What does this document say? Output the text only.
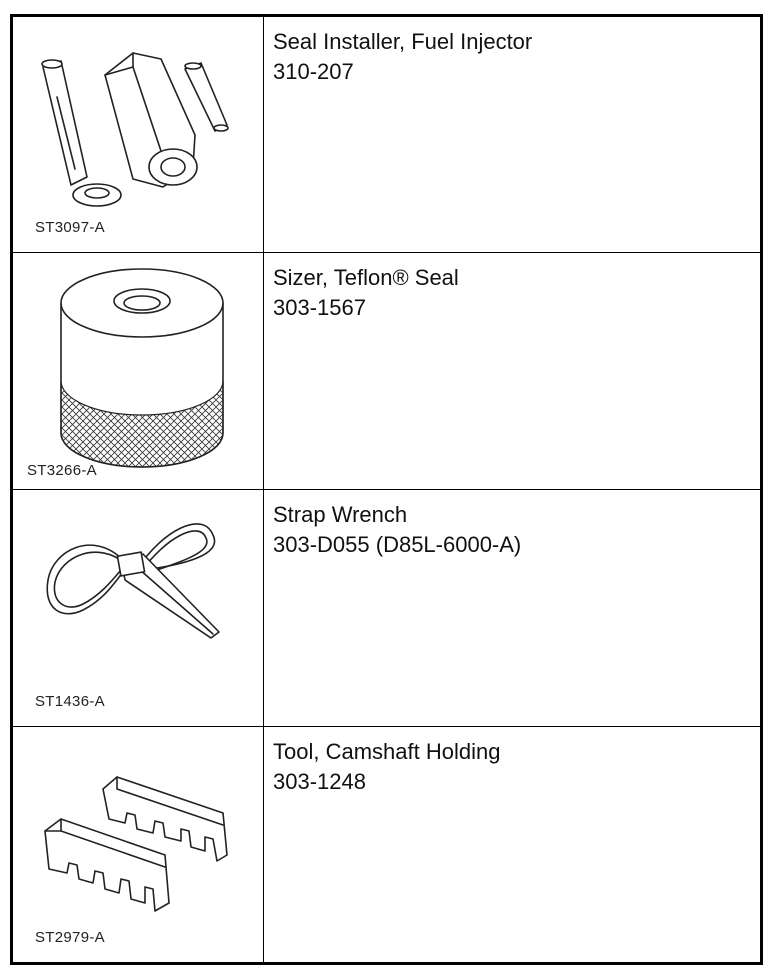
ST3097-A	Seal Installer, Fuel Injector
310-207

ST3266-A	Sizer, Teflon® Seal
303-1567

ST1436-A	Strap Wrench
303-D055 (D85L-6000-A)

ST2979-A	Tool, Camshaft Holding
303-1248
